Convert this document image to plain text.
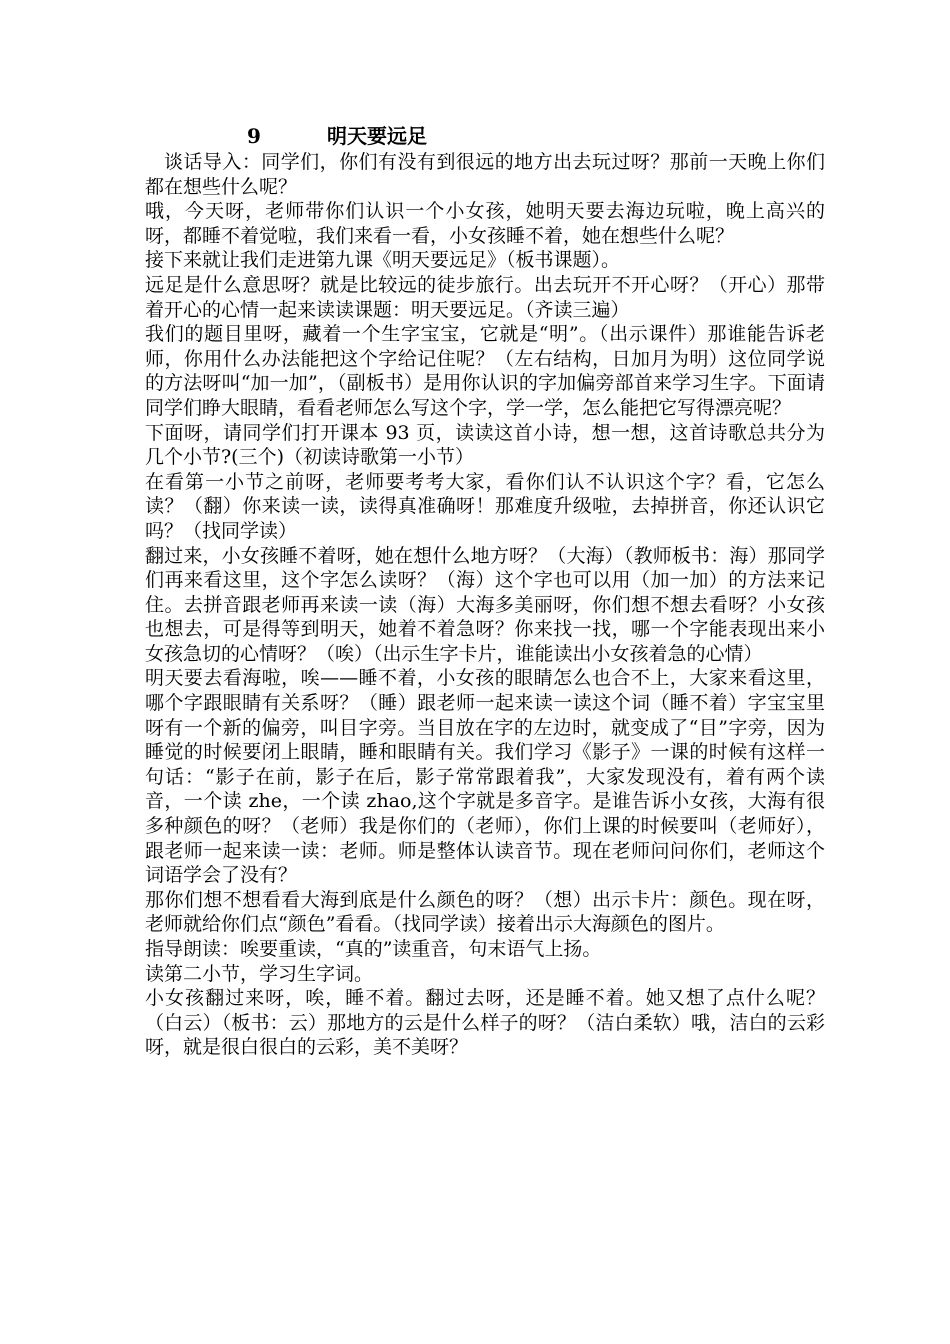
9	明天要远足

谈话导入：同学们，你们有没有到很远的地方出去玩过呀？那前一天晚上你们都在想些什么呢？

哦，今天呀，老师带你们认识一个小女孩，她明天要去海边玩啦，晚上高兴的呀，都睡不着觉啦，我们来看一看，小女孩睡不着，她在想些什么呢？

接下来就让我们走进第九课《明天要远足》（板书课题）。

远足是什么意思呀？就是比较远的徒步旅行。出去玩开不开心呀？（开心）那带着开心的心情一起来读读课题：明天要远足。（齐读三遍）

我们的题目里呀，藏着一个生字宝宝，它就是“明”。（出示课件）那谁能告诉老师，你用什么办法能把这个字给记住呢？（左右结构，日加月为明）这位同学说的方法呀叫“加一加”，（副板书）是用你认识的字加偏旁部首来学习生字。下面请同学们睁大眼睛，看看老师怎么写这个字，学一学，怎么能把它写得漂亮呢？

下面呀，请同学们打开课本 93 页，读读这首小诗，想一想，这首诗歌总共分为几个小节?(三个)（初读诗歌第一小节）

在看第一小节之前呀，老师要考考大家，看你们认不认识这个字？看，它怎么读？（翻）你来读一读，读得真准确呀！那难度升级啦，去掉拼音，你还认识它吗？（找同学读）

翻过来，小女孩睡不着呀，她在想什么地方呀？（大海）（教师板书：海）那同学们再来看这里，这个字怎么读呀？（海）这个字也可以用（加一加）的方法来记住。去拼音跟老师再来读一读（海）大海多美丽呀，你们想不想去看呀？小女孩也想去，可是得等到明天，她着不着急呀？你来找一找，哪一个字能表现出来小女孩急切的心情呀？（唉）（出示生字卡片，谁能读出小女孩着急的心情）

明天要去看海啦，唉——睡不着，小女孩的眼睛怎么也合不上，大家来看这里，哪个字跟眼睛有关系呀？（睡）跟老师一起来读一读这个词（睡不着）字宝宝里呀有一个新的偏旁，叫目字旁。当目放在字的左边时，就变成了“目”字旁，因为睡觉的时候要闭上眼睛，睡和眼睛有关。我们学习《影子》一课的时候有这样一句话：“影子在前，影子在后，影子常常跟着我”，大家发现没有，着有两个读音，一个读 zhe，一个读 zhao,这个字就是多音字。是谁告诉小女孩，大海有很多种颜色的呀？（老师）我是你们的（老师），你们上课的时候要叫（老师好），跟老师一起来读一读：老师。师是整体认读音节。现在老师问问你们，老师这个词语学会了没有？

那你们想不想看看大海到底是什么颜色的呀？（想）出示卡片：颜色。现在呀，老师就给你们点“颜色”看看。（找同学读）接着出示大海颜色的图片。

指导朗读：唉要重读，“真的”读重音，句末语气上扬。

读第二小节，学习生字词。

小女孩翻过来呀，唉，睡不着。翻过去呀，还是睡不着。她又想了点什么呢？（白云）（板书：云）那地方的云是什么样子的呀？（洁白柔软）哦，洁白的云彩呀，就是很白很白的云彩，美不美呀？
